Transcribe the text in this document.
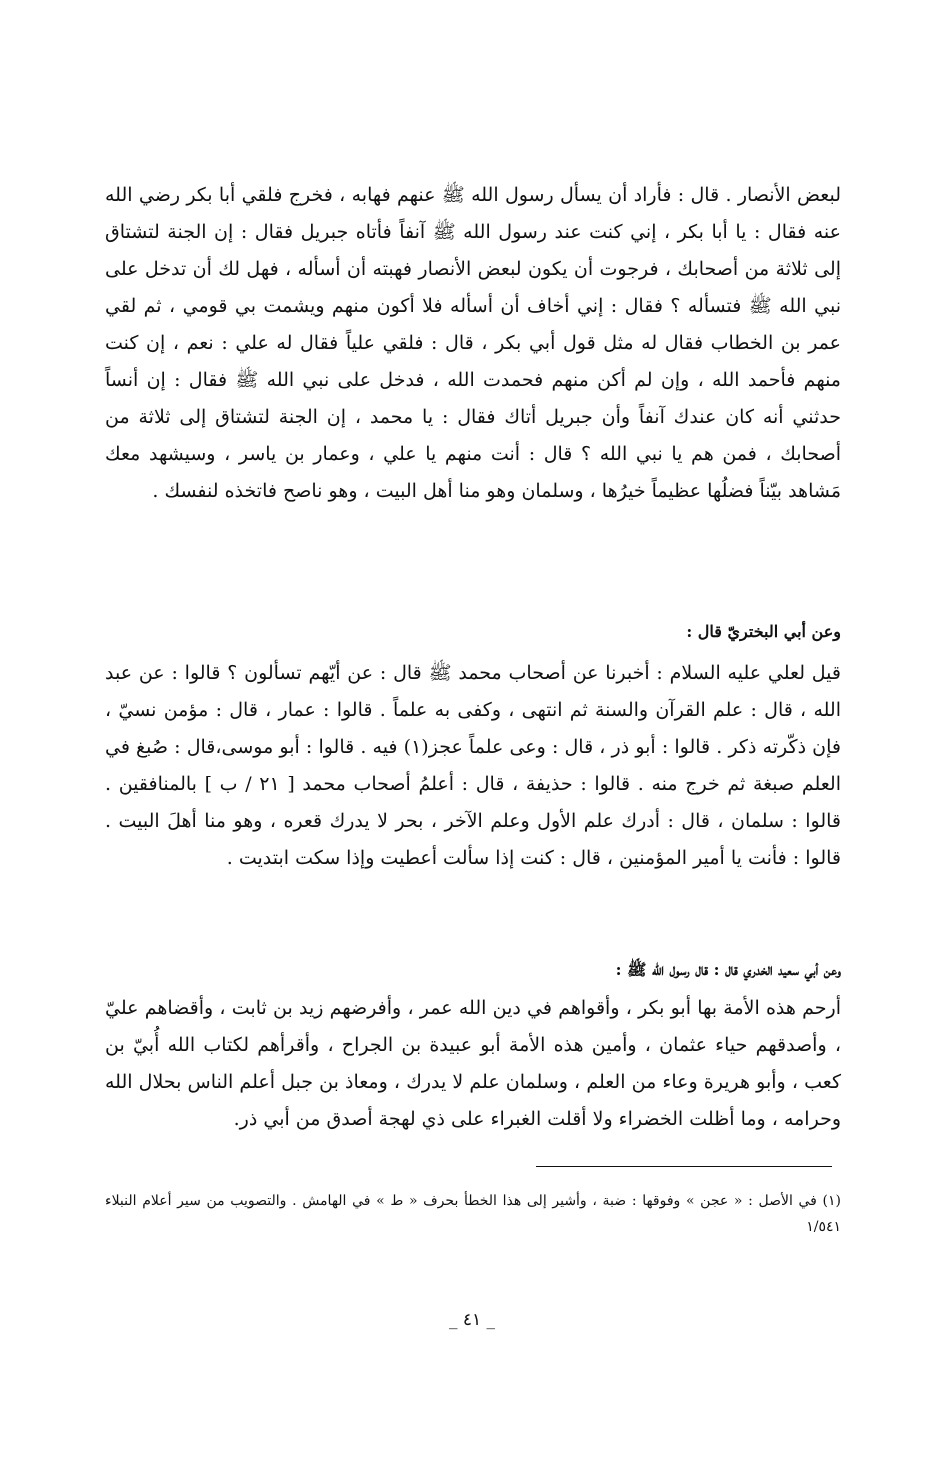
لبعض الأنصار . قال : فأراد أن يسأل رسول الله ﷺ عنهم فهابه ، فخرج فلقي أبا بكر رضي الله عنه فقال : يا أبا بكر ، إني كنت عند رسول الله ﷺ آنفاً فأتاه جبريل فقال : إن الجنة لتشتاق إلى ثلاثة من أصحابك ، فرجوت أن يكون لبعض الأنصار فهبته أن أسأله ، فهل لك أن تدخل على نبي الله ﷺ فتسأله ؟ فقال : إني أخاف أن أسأله فلا أكون منهم ويشمت بي قومي ، ثم لقي عمر بن الخطاب فقال له مثل قول أبي بكر ، قال : فلقي علياً فقال له علي : نعم ، إن كنت منهم فأحمد الله ، وإن لم أكن منهم فحمدت الله ، فدخل على نبي الله ﷺ فقال : إن أنساً حدثني أنه كان عندك آنفاً وأن جبريل أتاك فقال : يا محمد ، إن الجنة لتشتاق إلى ثلاثة من أصحابك ، فمن هم يا نبي الله ؟ قال : أنت منهم يا علي ، وعمار بن ياسر ، وسيشهد معك مَشاهد بيّناً فضلُها عظيماً خيرُها ، وسلمان وهو منا أهل البيت ، وهو ناصح فاتخذه لنفسك .

وعن أبي البختريّ قال :

قيل لعلي عليه السلام : أخبرنا عن أصحاب محمد ﷺ قال : عن أيّهم تسألون ؟ قالوا : عن عبد الله ، قال : علم القرآن والسنة ثم انتهى ، وكفى به علماً . قالوا : عمار ، قال : مؤمن نسيّ ، فإن ذكّرته ذكر . قالوا : أبو ذر ، قال : وعى علماً عجز(١) فيه . قالوا : أبو موسى،قال : صُبغ في العلم صبغة ثم خرج منه . قالوا : حذيفة ، قال : أعلمُ أصحاب محمد [ ٢١ / ب ] بالمنافقين . قالوا : سلمان ، قال : أدرك علم الأول وعلم الآخر ، بحر لا يدرك قعره ، وهو منا أهلَ البيت . قالوا : فأنت يا أمير المؤمنين ، قال : كنت إذا سألت أعطيت وإذا سكت ابتديت .

وعن أبي سعيد الخدري قال : قال رسول الله ﷺ :

أرحم هذه الأمة بها أبو بكر ، وأقواهم في دين الله عمر ، وأفرضهم زيد بن ثابت ، وأقضاهم عليّ ، وأصدقهم حياء عثمان ، وأمين هذه الأمة أبو عبيدة بن الجراح ، وأقرأهم لكتاب الله أُبيّ بن كعب ، وأبو هريرة وعاء من العلم ، وسلمان علم لا يدرك ، ومعاذ بن جبل أعلم الناس بحلال الله وحرامه ، وما أظلت الخضراء ولا أقلت الغبراء على ذي لهجة أصدق من أبي ذر.

(١) في الأصل : « عجن » وفوقها : ضبة ، وأشير إلى هذا الخطأ بحرف « ط » في الهامش . والتصويب من سير أعلام النبلاء ١/٥٤١

_ ٤١ _
